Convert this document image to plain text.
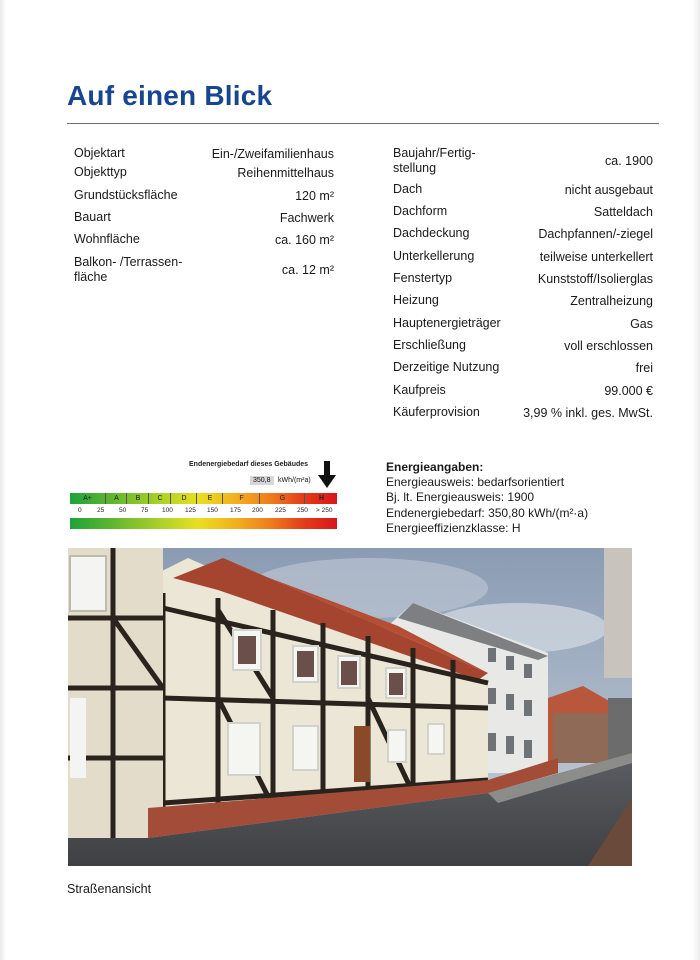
Auf einen Blick
Objektart	Ein-/Zweifamilienhaus
Objekttyp	Reihenmittelhaus
Grundstücksfläche	120 m²
Bauart	Fachwerk
Wohnfläche	ca. 160 m²
Balkon- /Terrassen-
fläche	ca. 12 m²
Baujahr/Fertig-
stellung	ca. 1900
Dach	nicht ausgebaut
Dachform	Satteldach
Dachdeckung	Dachpfannen/-ziegel
Unterkellerung	teilweise unterkellert
Fenstertyp	Kunststoff/Isolierglas
Heizung	Zentralheizung
Hauptenergieträger	Gas
Erschließung	voll erschlossen
Derzeitige Nutzung	frei
Kaufpreis	99.000 €
Käuferprovision	3,99 % inkl. ges. MwSt.
Endenergiebedarf dieses Gebäudes
350,8	kWh/(m²a)
A+	A	B	C	D	E	F	G	H
0 25 50 75 100 125 150 175 200 225 250 > 250
Energieangaben:
Energieausweis: bedarfsorientiert
Bj. lt. Energieausweis: 1900
Endenergiebedarf: 350,80 kWh/(m²·a)
Energieeffizienzklasse: H
Straßenansicht
